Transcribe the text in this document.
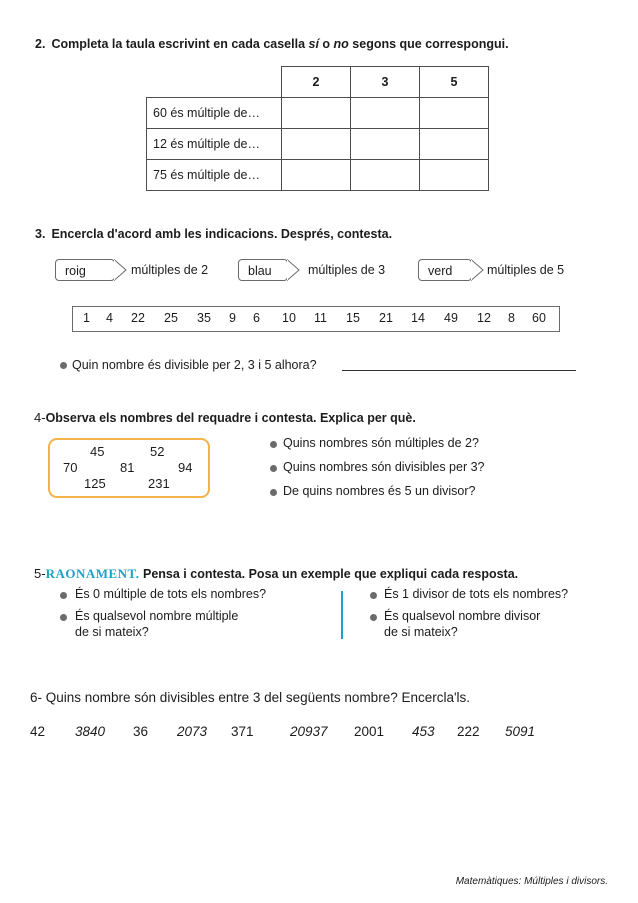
2. Completa la taula escrivint en cada casella sí o no segons que correspongui.
	2	3	5
60 és múltiple de…			
12 és múltiple de…			
75 és múltiple de…			
3. Encercla d'acord amb les indicacions. Després, contesta.
roig	múltiples de 2	blau	múltiples de 3	verd	múltiples de 5
1 4 22 25 35 9 6 10 11 15 21 14 49 12 8 60
Quin nombre és divisible per 2, 3 i 5 alhora?
4-Observa els nombres del requadre i contesta. Explica per què.
45	52
70	81	94
125	231
Quins nombres són múltiples de 2?
Quins nombres són divisibles per 3?
De quins nombres és 5 un divisor?
5-RAONAMENT. Pensa i contesta. Posa un exemple que expliqui cada resposta.
És 0 múltiple de tots els nombres?
És qualsevol nombre múltiple
de si mateix?
És 1 divisor de tots els nombres?
És qualsevol nombre divisor
de si mateix?
6- Quins nombre són divisibles entre 3 del següents nombre? Encercla'ls.
42 3840 36 2073 371	20937 2001 453 222 5091
Matemàtiques: Múltiples i divisors.
